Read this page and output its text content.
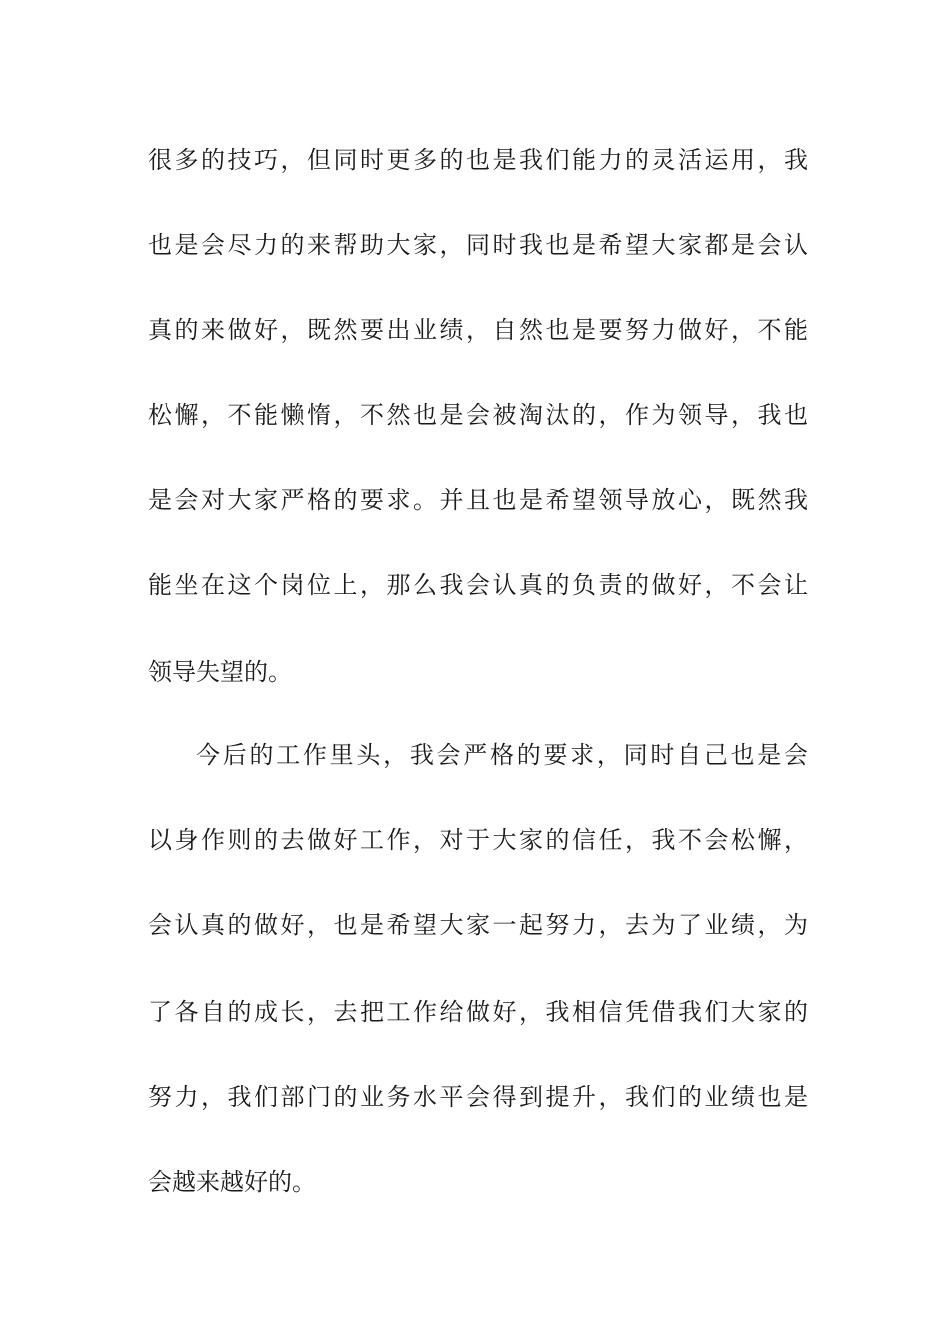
很多的技巧，但同时更多的也是我们能力的灵活运用，我
也是会尽力的来帮助大家，同时我也是希望大家都是会认
真的来做好，既然要出业绩，自然也是要努力做好，不能
松懈，不能懒惰，不然也是会被淘汰的，作为领导，我也
是会对大家严格的要求。并且也是希望领导放心，既然我
能坐在这个岗位上，那么我会认真的负责的做好，不会让
领导失望的。
今后的工作里头，我会严格的要求，同时自己也是会
以身作则的去做好工作，对于大家的信任，我不会松懈，
会认真的做好，也是希望大家一起努力，去为了业绩，为
了各自的成长，去把工作给做好，我相信凭借我们大家的
努力，我们部门的业务水平会得到提升，我们的业绩也是
会越来越好的。
